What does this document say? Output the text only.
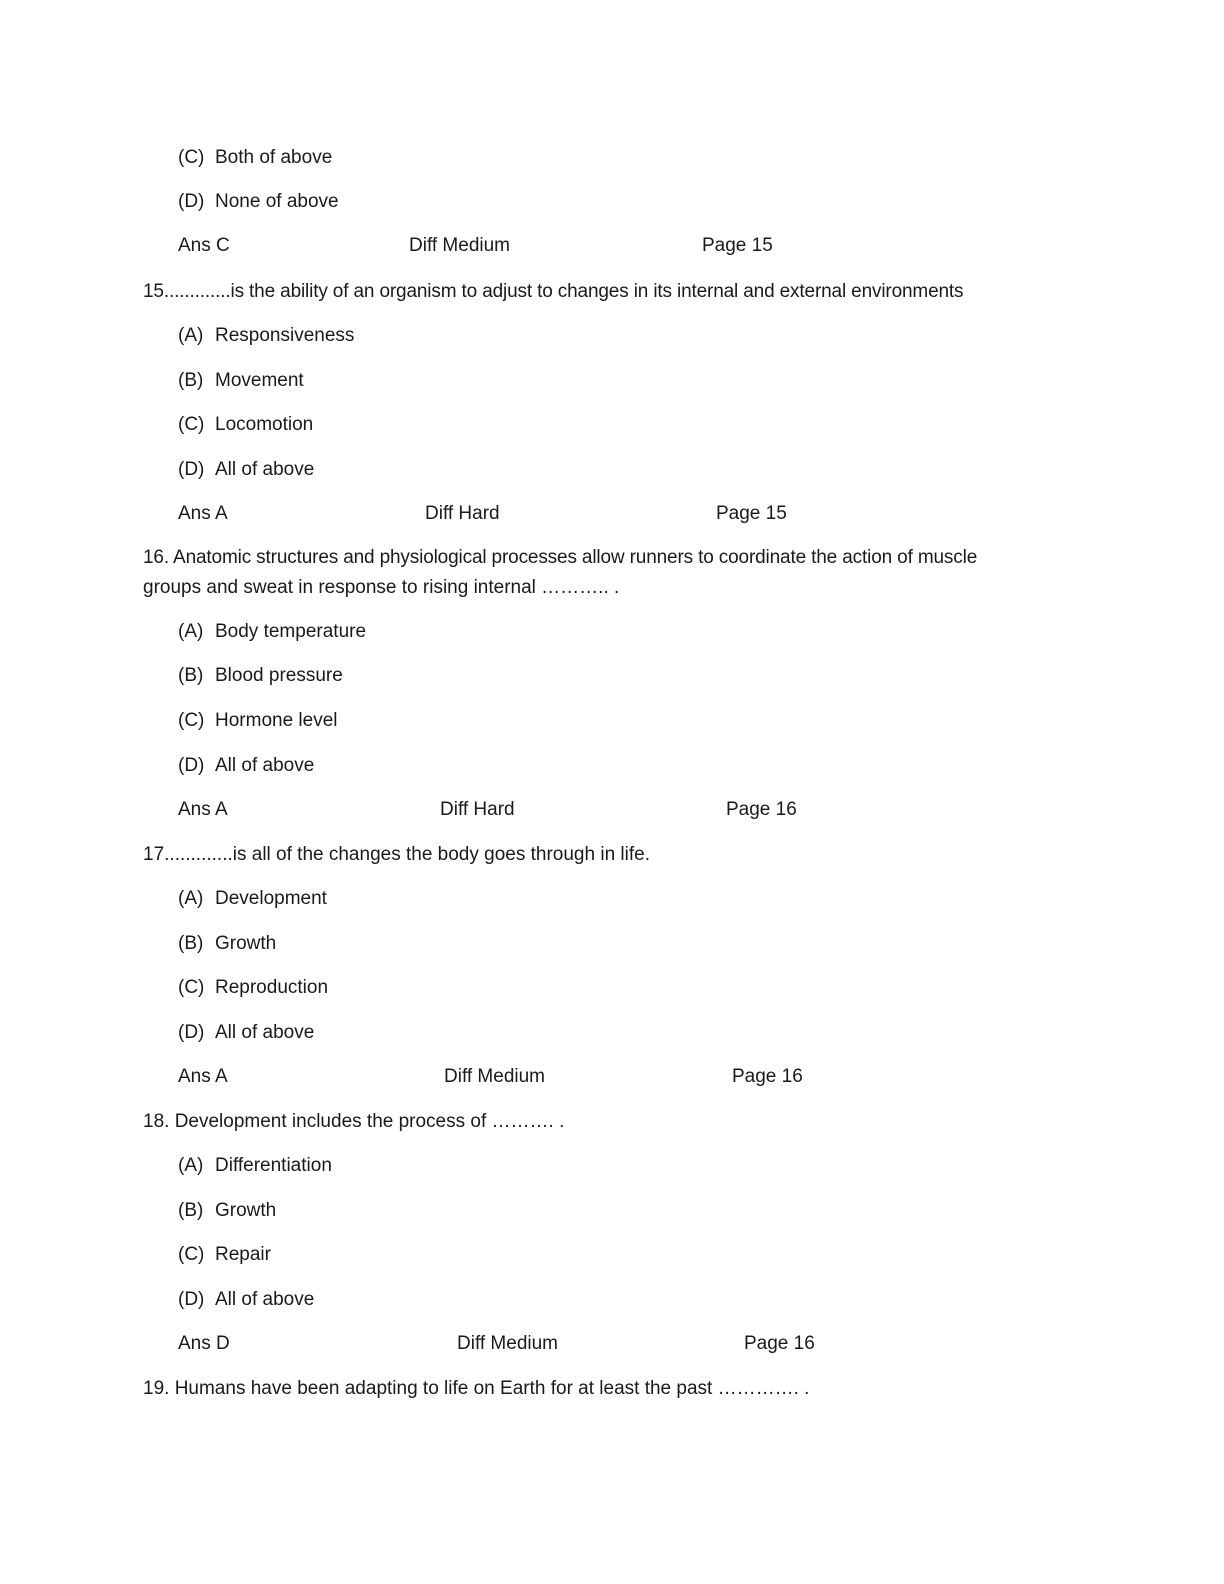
(C) Both of above
(D) None of above
Ans C	Diff Medium	Page 15
15.............is the ability of an organism to adjust to changes in its internal and external environments
(A) Responsiveness
(B) Movement
(C) Locomotion
(D) All of above
Ans A	Diff Hard	Page 15
16. Anatomic structures and physiological processes allow runners to coordinate the action of muscle
groups and sweat in response to rising internal ……….. .
(A) Body temperature
(B) Blood pressure
(C) Hormone level
(D) All of above
Ans A	Diff Hard	Page 16
17.............is all of the changes the body goes through in life.
(A) Development
(B) Growth
(C) Reproduction
(D) All of above
Ans A	Diff Medium	Page 16
18. Development includes the process of ………. .
(A) Differentiation
(B) Growth
(C) Repair
(D) All of above
Ans D	Diff Medium	Page 16
19. Humans have been adapting to life on Earth for at least the past …………. .
